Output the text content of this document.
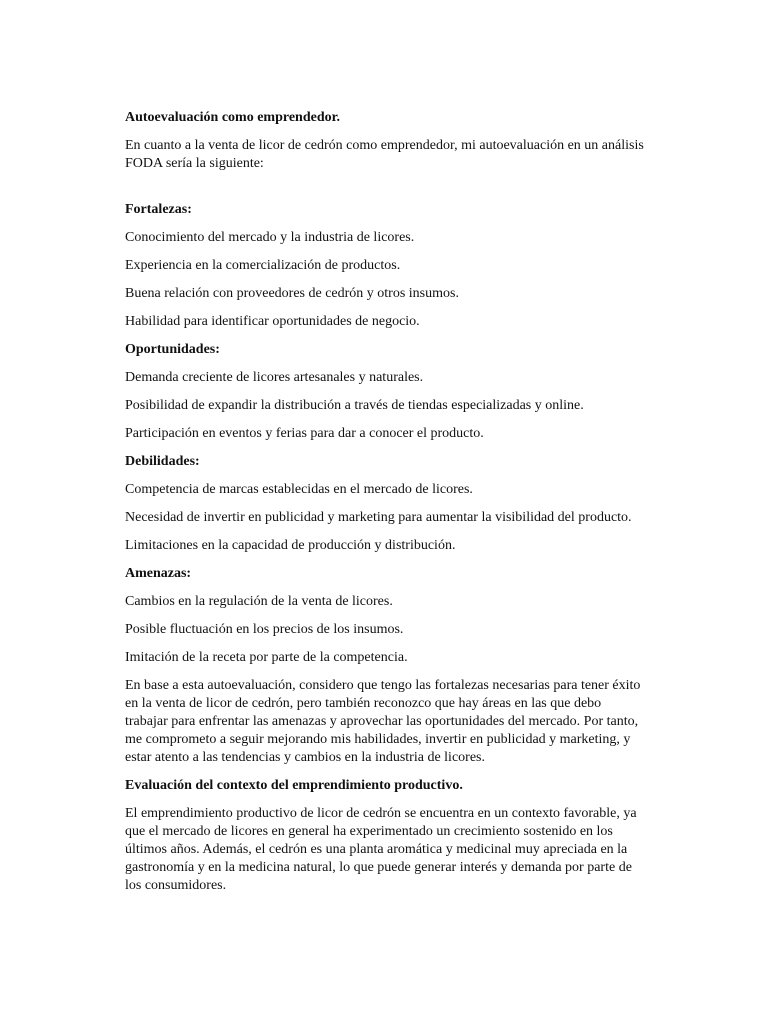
Autoevaluación como emprendedor.

En cuanto a la venta de licor de cedrón como emprendedor, mi autoevaluación en un análisis FODA sería la siguiente:

Fortalezas:

Conocimiento del mercado y la industria de licores.

Experiencia en la comercialización de productos.

Buena relación con proveedores de cedrón y otros insumos.

Habilidad para identificar oportunidades de negocio.

Oportunidades:

Demanda creciente de licores artesanales y naturales.

Posibilidad de expandir la distribución a través de tiendas especializadas y online.

Participación en eventos y ferias para dar a conocer el producto.

Debilidades:

Competencia de marcas establecidas en el mercado de licores.

Necesidad de invertir en publicidad y marketing para aumentar la visibilidad del producto.

Limitaciones en la capacidad de producción y distribución.

Amenazas:

Cambios en la regulación de la venta de licores.

Posible fluctuación en los precios de los insumos.

Imitación de la receta por parte de la competencia.

En base a esta autoevaluación, considero que tengo las fortalezas necesarias para tener éxito en la venta de licor de cedrón, pero también reconozco que hay áreas en las que debo trabajar para enfrentar las amenazas y aprovechar las oportunidades del mercado. Por tanto, me comprometo a seguir mejorando mis habilidades, invertir en publicidad y marketing, y estar atento a las tendencias y cambios en la industria de licores.

Evaluación del contexto del emprendimiento productivo.

El emprendimiento productivo de licor de cedrón se encuentra en un contexto favorable, ya que el mercado de licores en general ha experimentado un crecimiento sostenido en los últimos años. Además, el cedrón es una planta aromática y medicinal muy apreciada en la gastronomía y en la medicina natural, lo que puede generar interés y demanda por parte de los consumidores.
